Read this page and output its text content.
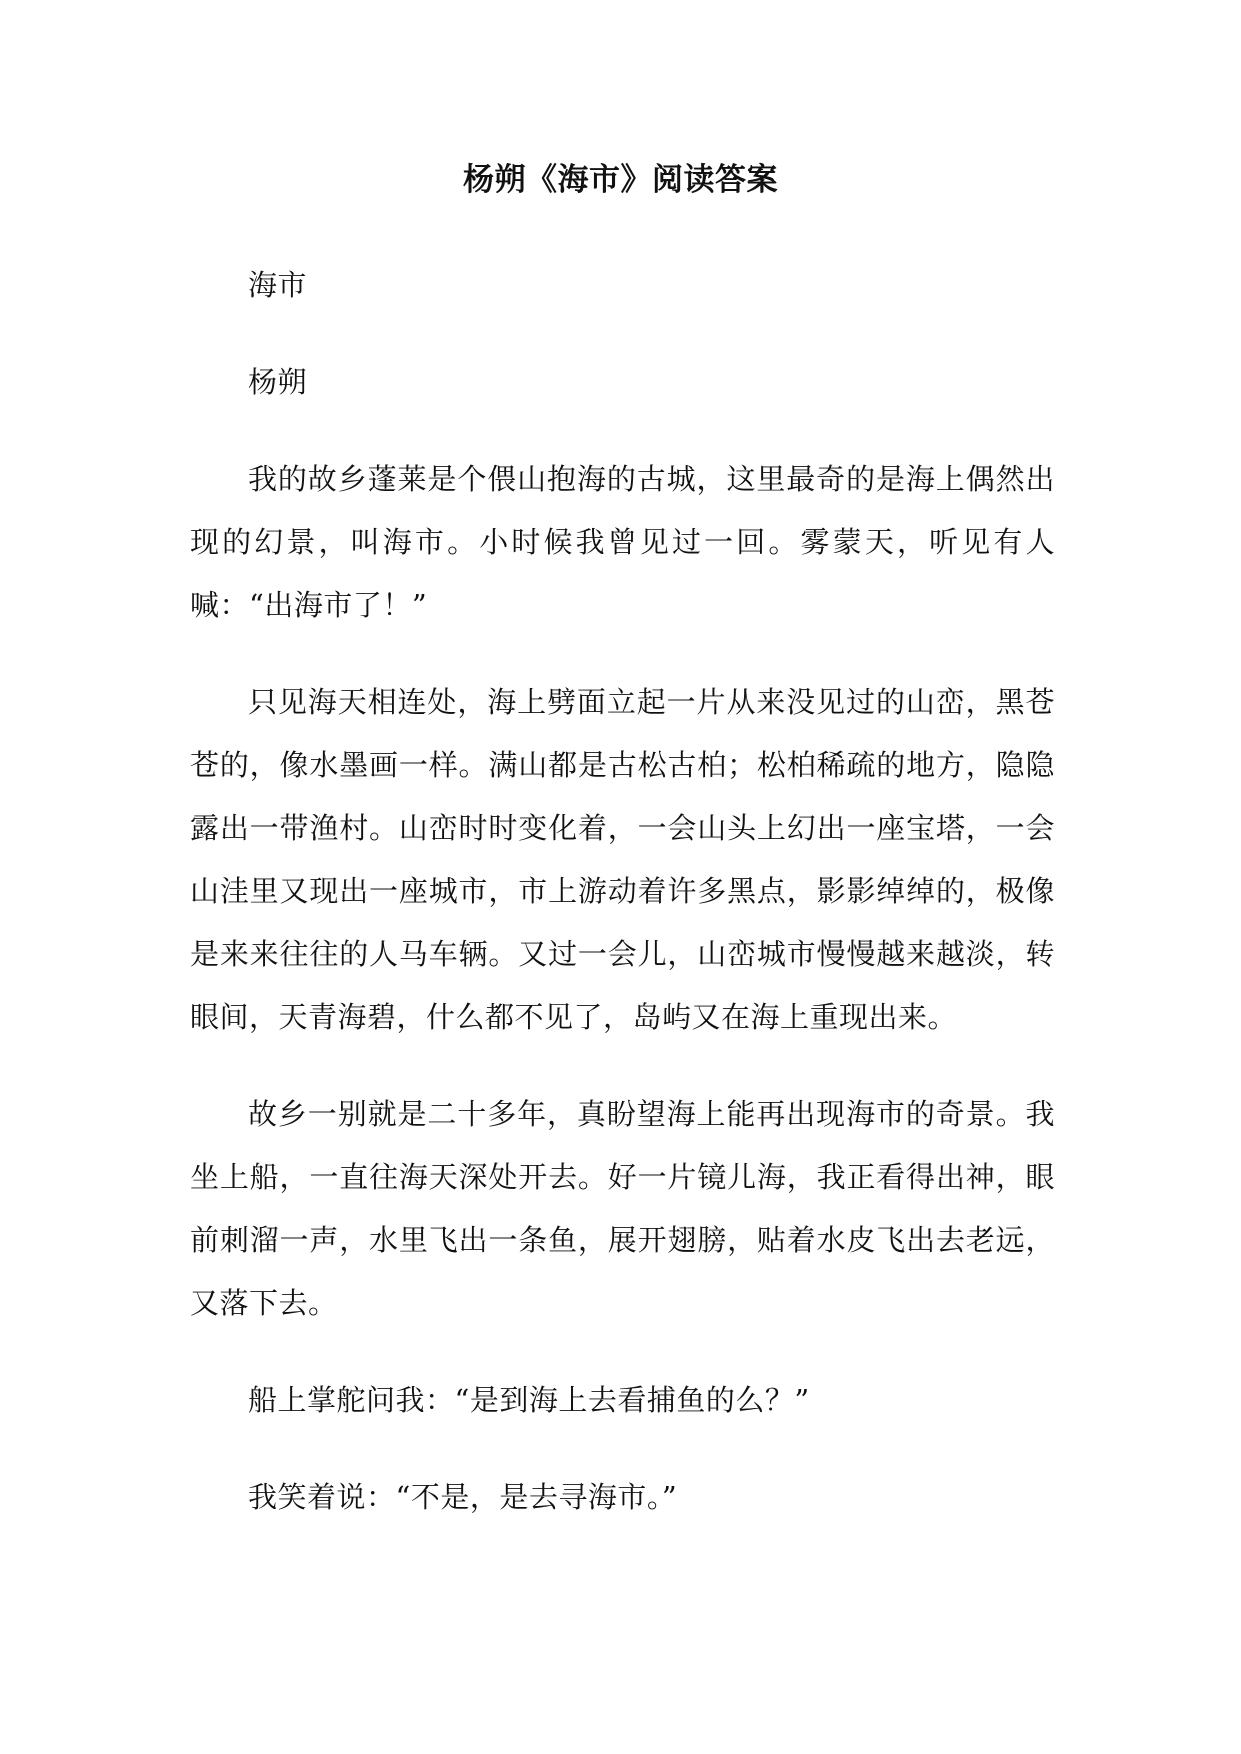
杨朔《海市》阅读答案

海市

杨朔

我的故乡蓬莱是个偎山抱海的古城，这里最奇的是海上偶然出现的幻景，叫海市。小时候我曾见过一回。雾蒙天，听见有人喊：“出海市了！”

只见海天相连处，海上劈面立起一片从来没见过的山峦，黑苍苍的，像水墨画一样。满山都是古松古柏；松柏稀疏的地方，隐隐露出一带渔村。山峦时时变化着，一会山头上幻出一座宝塔，一会山洼里又现出一座城市，市上游动着许多黑点，影影绰绰的，极像是来来往往的人马车辆。又过一会儿，山峦城市慢慢越来越淡，转眼间，天青海碧，什么都不见了，岛屿又在海上重现出来。

故乡一别就是二十多年，真盼望海上能再出现海市的奇景。我坐上船，一直往海天深处开去。好一片镜儿海，我正看得出神，眼前刺溜一声，水里飞出一条鱼，展开翅膀，贴着水皮飞出去老远，又落下去。

船上掌舵问我：“是到海上去看捕鱼的么？”

我笑着说：“不是，是去寻海市。”
